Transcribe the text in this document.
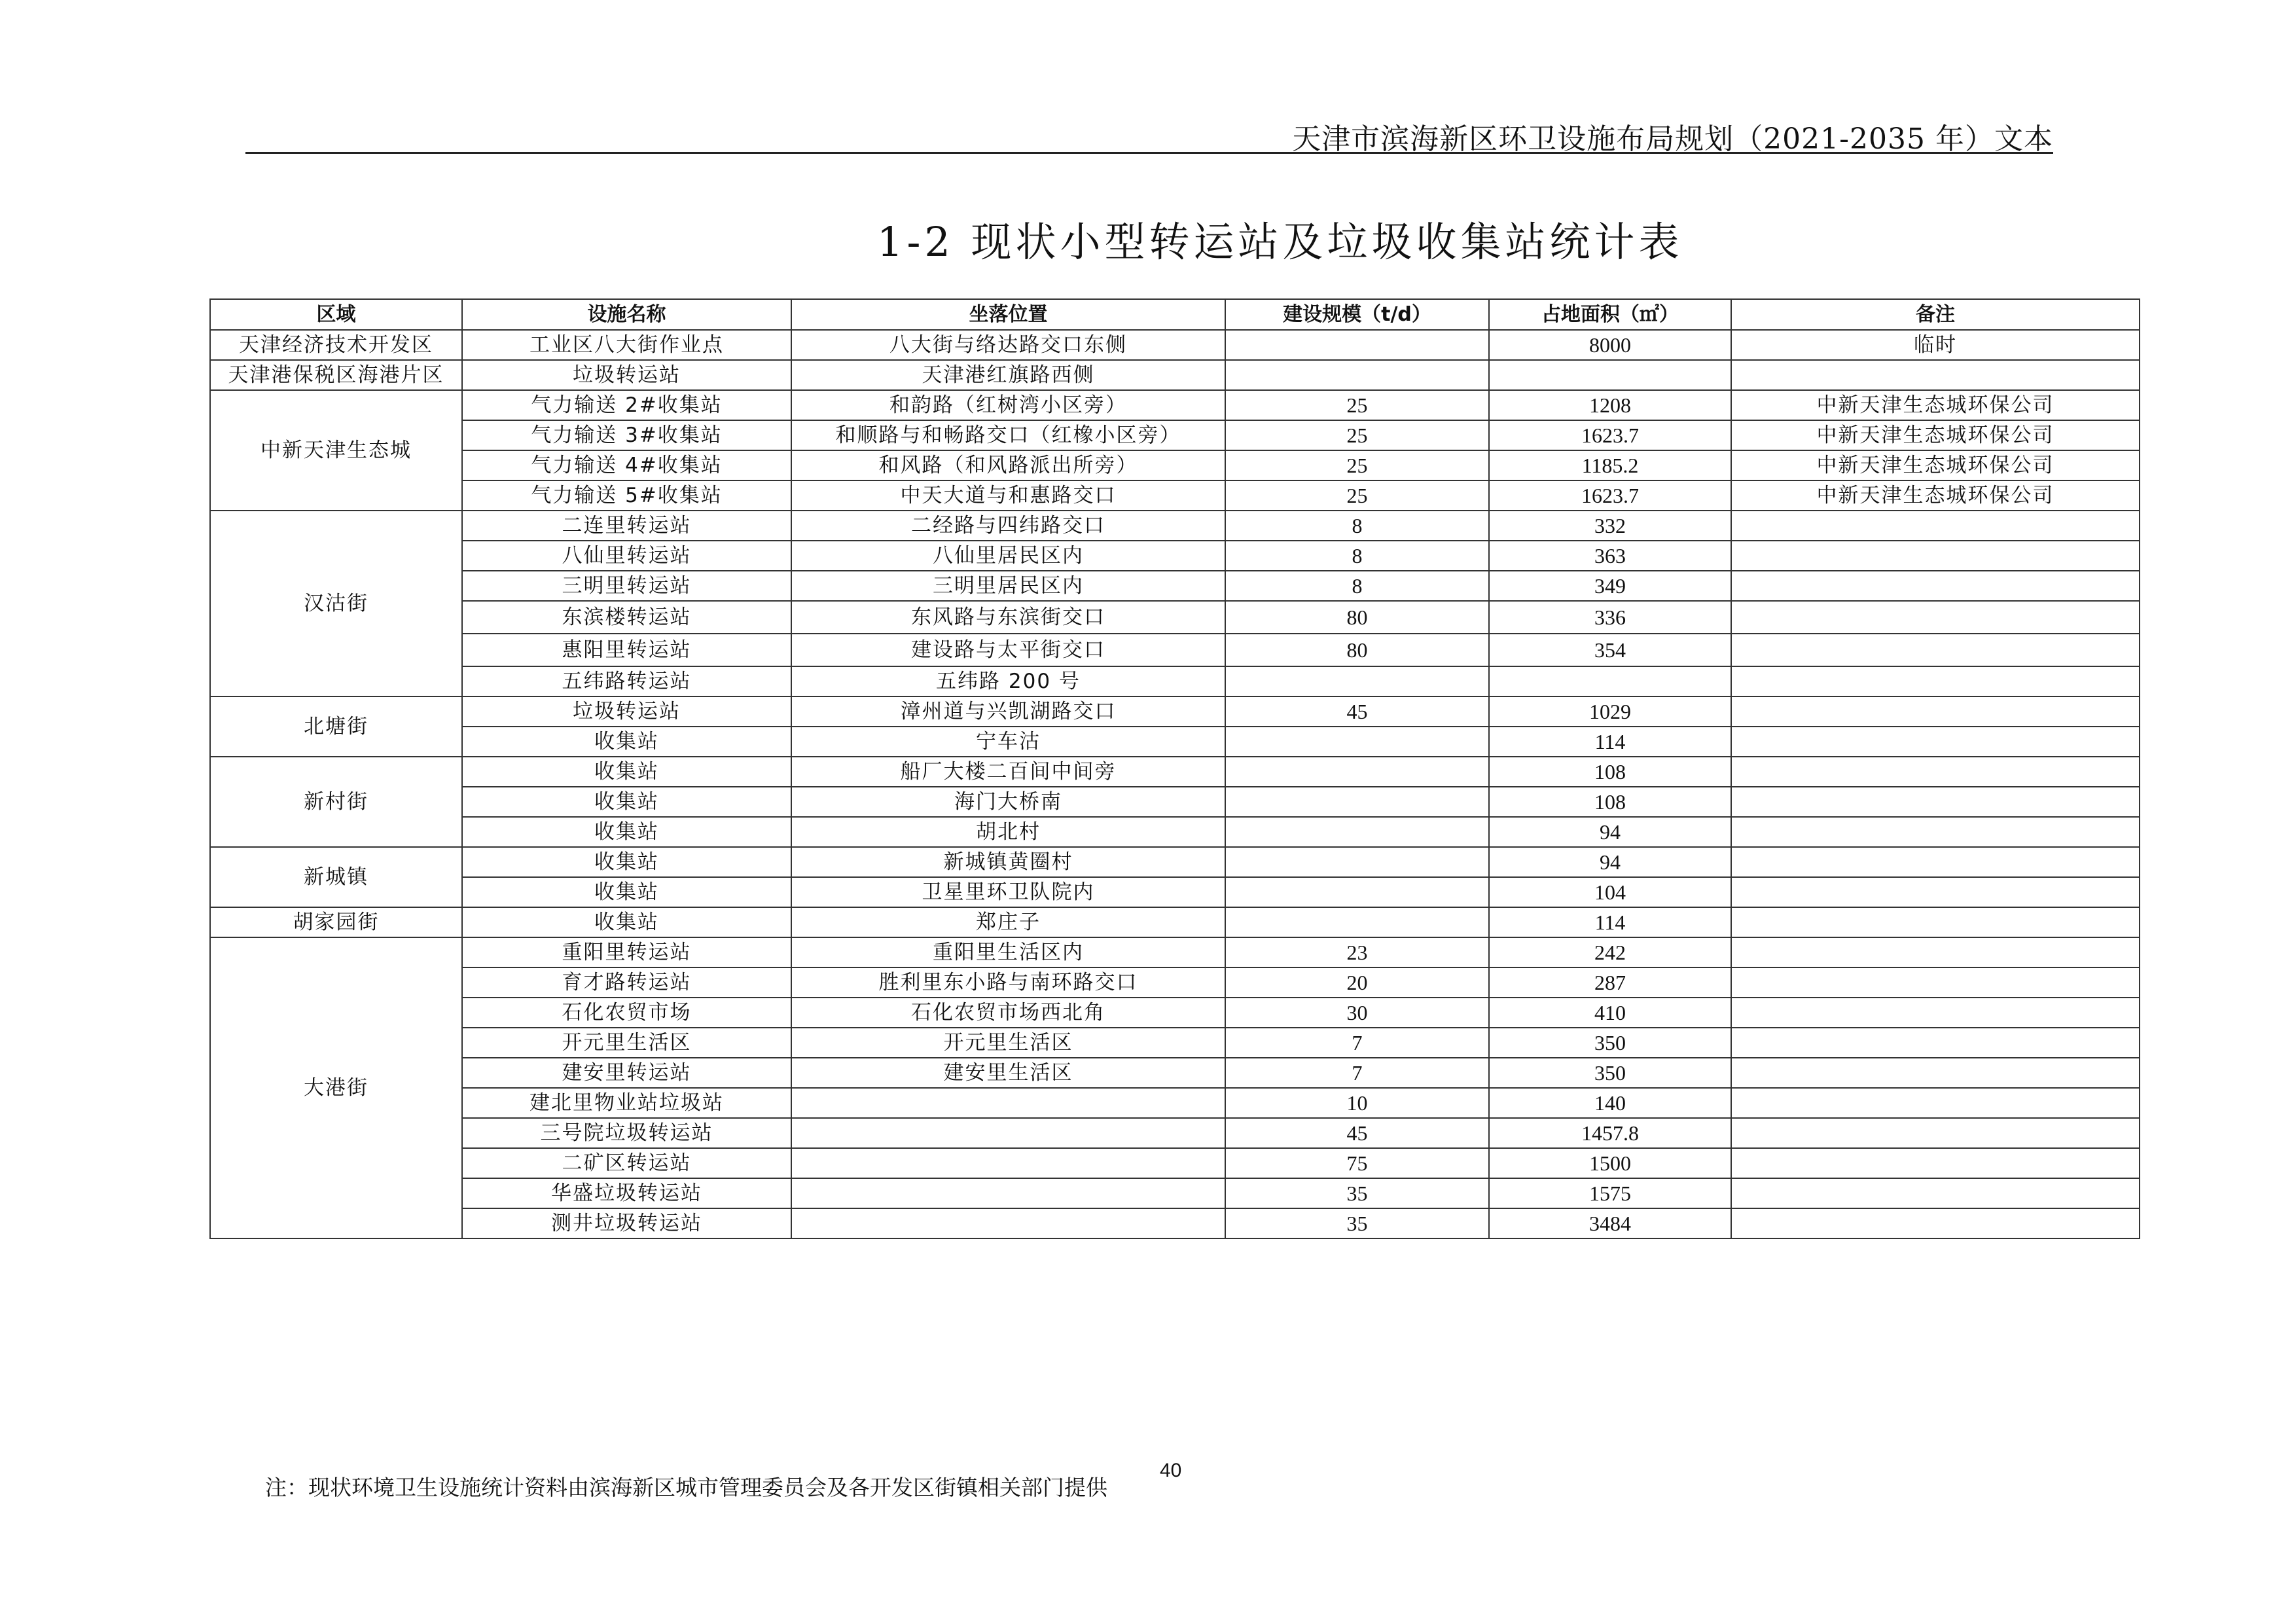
天津市滨海新区环卫设施布局规划（2021-2035 年）文本
1-2 现状小型转运站及垃圾收集站统计表
区域	设施名称	坐落位置	建设规模（t/d）	占地面积（㎡）	备注
天津经济技术开发区	工业区八大街作业点	八大街与络达路交口东侧		8000	临时
天津港保税区海港片区	垃圾转运站	天津港红旗路西侧			
中新天津生态城	气力输送 2#收集站	和韵路（红树湾小区旁）	25	1208	中新天津生态城环保公司
	气力输送 3#收集站	和顺路与和畅路交口（红橡小区旁）	25	1623.7	中新天津生态城环保公司
	气力输送 4#收集站	和风路（和风路派出所旁）	25	1185.2	中新天津生态城环保公司
	气力输送 5#收集站	中天大道与和惠路交口	25	1623.7	中新天津生态城环保公司
汉沽街	二连里转运站	二经路与四纬路交口	8	332	
	八仙里转运站	八仙里居民区内	8	363	
	三明里转运站	三明里居民区内	8	349	
	东滨楼转运站	东风路与东滨街交口	80	336	
	惠阳里转运站	建设路与太平街交口	80	354	
	五纬路转运站	五纬路 200 号			
北塘街	垃圾转运站	漳州道与兴凯湖路交口	45	1029	
	收集站	宁车沽		114	
新村街	收集站	船厂大楼二百间中间旁		108	
	收集站	海门大桥南		108	
	收集站	胡北村		94	
新城镇	收集站	新城镇黄圈村		94	
	收集站	卫星里环卫队院内		104	
胡家园街	收集站	郑庄子		114	
大港街	重阳里转运站	重阳里生活区内	23	242	
	育才路转运站	胜利里东小路与南环路交口	20	287	
	石化农贸市场	石化农贸市场西北角	30	410	
	开元里生活区	开元里生活区	7	350	
	建安里转运站	建安里生活区	7	350	
	建北里物业站垃圾站		10	140	
	三号院垃圾转运站		45	1457.8	
	二矿区转运站		75	1500	
	华盛垃圾转运站		35	1575	
	测井垃圾转运站		35	3484	
注：现状环境卫生设施统计资料由滨海新区城市管理委员会及各开发区街镇相关部门提供
40
